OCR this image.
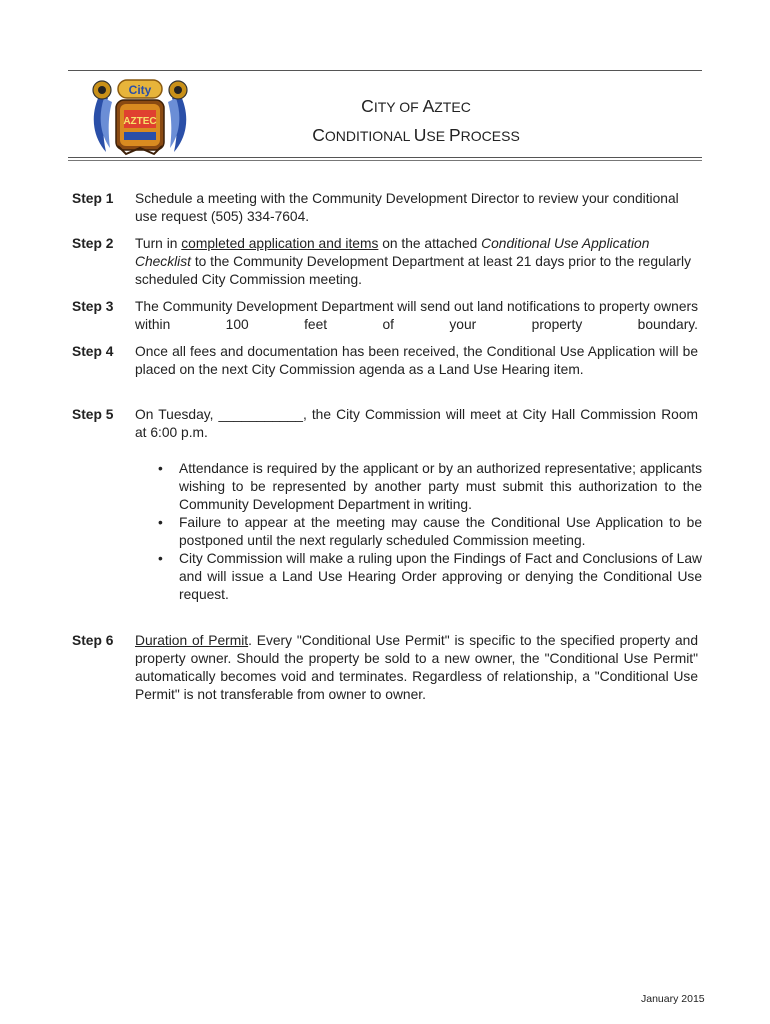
City
AZTEC
CITY OF AZTEC
CONDITIONAL USE PROCESS
Step 1	Schedule a meeting with the Community Development Director to review your conditional use request (505) 334-7604.
Step 2	Turn in completed application and items on the attached Conditional Use Application Checklist to the Community Development Department at least 21 days prior to the regularly scheduled City Commission meeting.
Step 3	The Community Development Department will send out land notifications to property owners within 100 feet of your property boundary.
Step 4	Once all fees and documentation has been received, the Conditional Use Application will be placed on the next City Commission agenda as a Land Use Hearing item.
Step 5	On Tuesday, ___________, the City Commission will meet at City Hall Commission Room at 6:00 p.m.
• Attendance is required by the applicant or by an authorized representative; applicants wishing to be represented by another party must submit this authorization to the Community Development Department in writing.
• Failure to appear at the meeting may cause the Conditional Use Application to be postponed until the next regularly scheduled Commission meeting.
• City Commission will make a ruling upon the Findings of Fact and Conclusions of Law and will issue a Land Use Hearing Order approving or denying the Conditional Use request.
Step 6	Duration of Permit. Every "Conditional Use Permit" is specific to the specified property and property owner. Should the property be sold to a new owner, the "Conditional Use Permit" automatically becomes void and terminates. Regardless of relationship, a "Conditional Use Permit" is not transferable from owner to owner.
January 2015
